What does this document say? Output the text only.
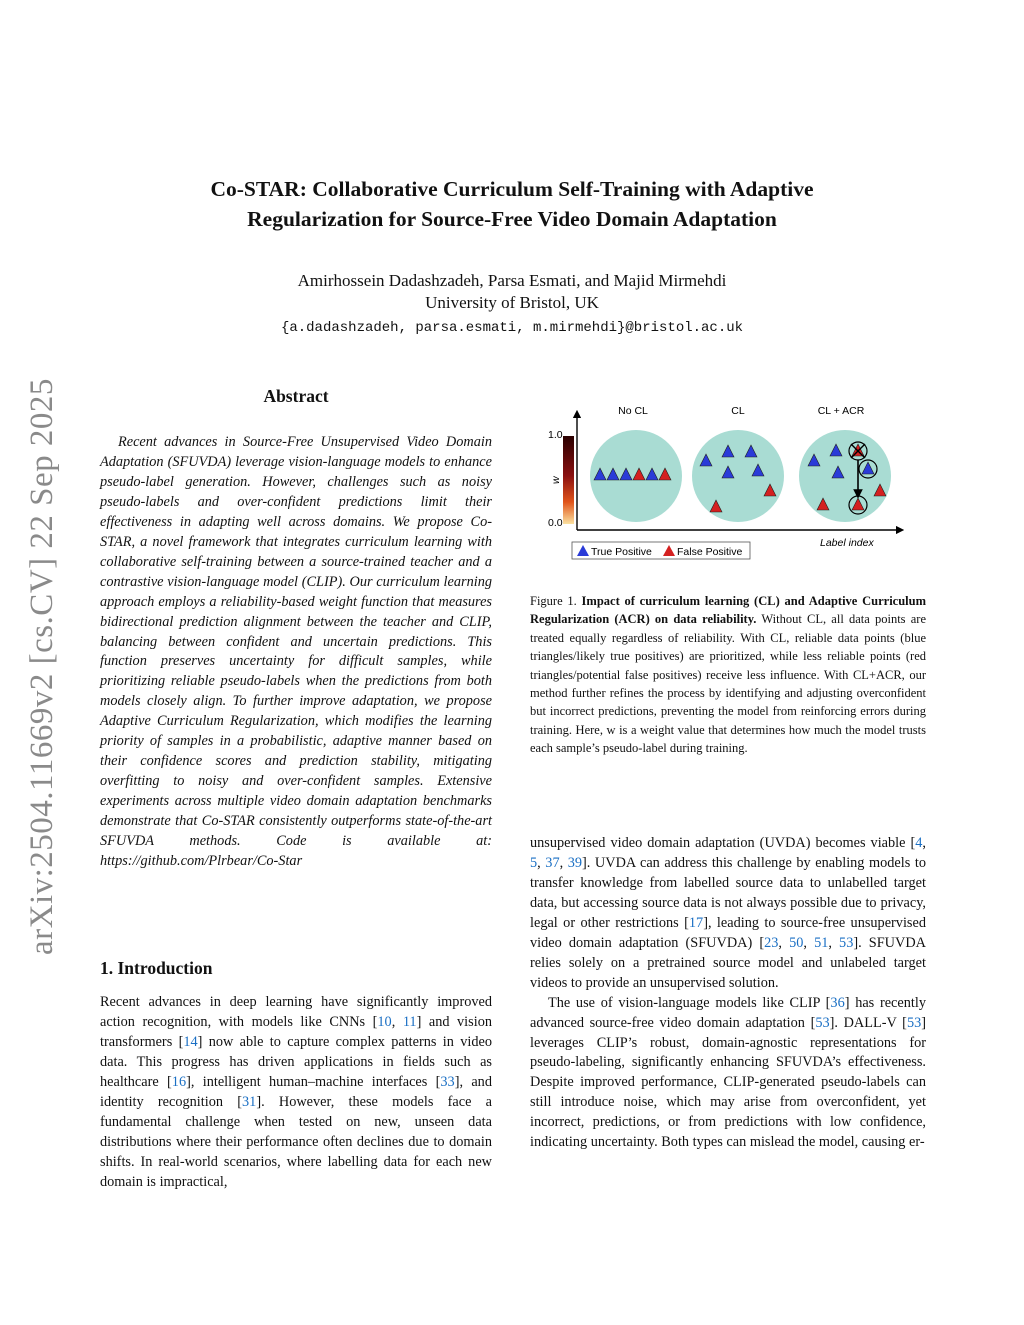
arXiv:2504.11669v2 [cs.CV] 22 Sep 2025
Co-STAR: Collaborative Curriculum Self-Training with Adaptive
Regularization for Source-Free Video Domain Adaptation
Amirhossein Dadashzadeh, Parsa Esmati, and Majid Mirmehdi
University of Bristol, UK
{a.dadashzadeh, parsa.esmati, m.mirmehdi}@bristol.ac.uk
Abstract

Recent advances in Source-Free Unsupervised Video Domain Adaptation (SFUVDA) leverage vision-language models to enhance pseudo-label generation. However, challenges such as noisy pseudo-labels and over-confident predictions limit their effectiveness in adapting well across domains. We propose Co-STAR, a novel framework that integrates curriculum learning with collaborative self-training between a source-trained teacher and a contrastive vision-language model (CLIP). Our curriculum learning approach employs a reliability-based weight function that measures bidirectional prediction alignment between the teacher and CLIP, balancing between confident and uncertain predictions. This function preserves uncertainty for difficult samples, while prioritizing reliable pseudo-labels when the predictions from both models closely align. To further improve adaptation, we propose Adaptive Curriculum Regularization, which modifies the learning priority of samples in a probabilistic, adaptive manner based on their confidence scores and prediction stability, mitigating overfitting to noisy and over-confident samples. Extensive experiments across multiple video domain adaptation benchmarks demonstrate that Co-STAR consistently outperforms state-of-the-art SFUVDA methods. Code is available at: https://github.com/Plrbear/Co-Star

1. Introduction

Recent advances in deep learning have significantly improved action recognition, with models like CNNs [10, 11] and vision transformers [14] now able to capture complex patterns in video data. This progress has driven applications in fields such as healthcare [16], intelligent human–machine interfaces [33], and identity recognition [31]. However, these models face a fundamental challenge when tested on new, unseen data distributions where their performance often declines due to domain shifts. In real-world scenarios, where labelling data for each new domain is impractical,

No CL	CL	CL + ACR
1.0
0.0
w
Label index
True Positive False Positive
Figure 1. Impact of curriculum learning (CL) and Adaptive Curriculum Regularization (ACR) on data reliability. Without CL, all data points are treated equally regardless of reliability. With CL, reliable data points (blue triangles/likely true positives) are prioritized, while less reliable points (red triangles/potential false positives) receive less influence. With CL+ACR, our method further refines the process by identifying and adjusting overconfident but incorrect predictions, preventing the model from reinforcing errors during training. Here, w is a weight value that determines how much the model trusts each sample’s pseudo-label during training.

unsupervised video domain adaptation (UVDA) becomes viable [4, 5, 37, 39]. UVDA can address this challenge by enabling models to transfer knowledge from labelled source data to unlabelled target data, but accessing source data is not always possible due to privacy, legal or other restrictions [17], leading to source-free unsupervised video domain adaptation (SFUVDA) [23, 50, 51, 53]. SFUVDA relies solely on a pretrained source model and unlabeled target videos to provide an unsupervised solution.

The use of vision-language models like CLIP [36] has recently advanced source-free video domain adaptation [53]. DALL-V [53] leverages CLIP’s robust, domain-agnostic representations for pseudo-labeling, significantly enhancing SFUVDA’s effectiveness. Despite improved performance, CLIP-generated pseudo-labels can still introduce noise, which may arise from overconfident, yet incorrect, predictions, or from predictions with low confidence, indicating uncertainty. Both types can mislead the model, causing er-
